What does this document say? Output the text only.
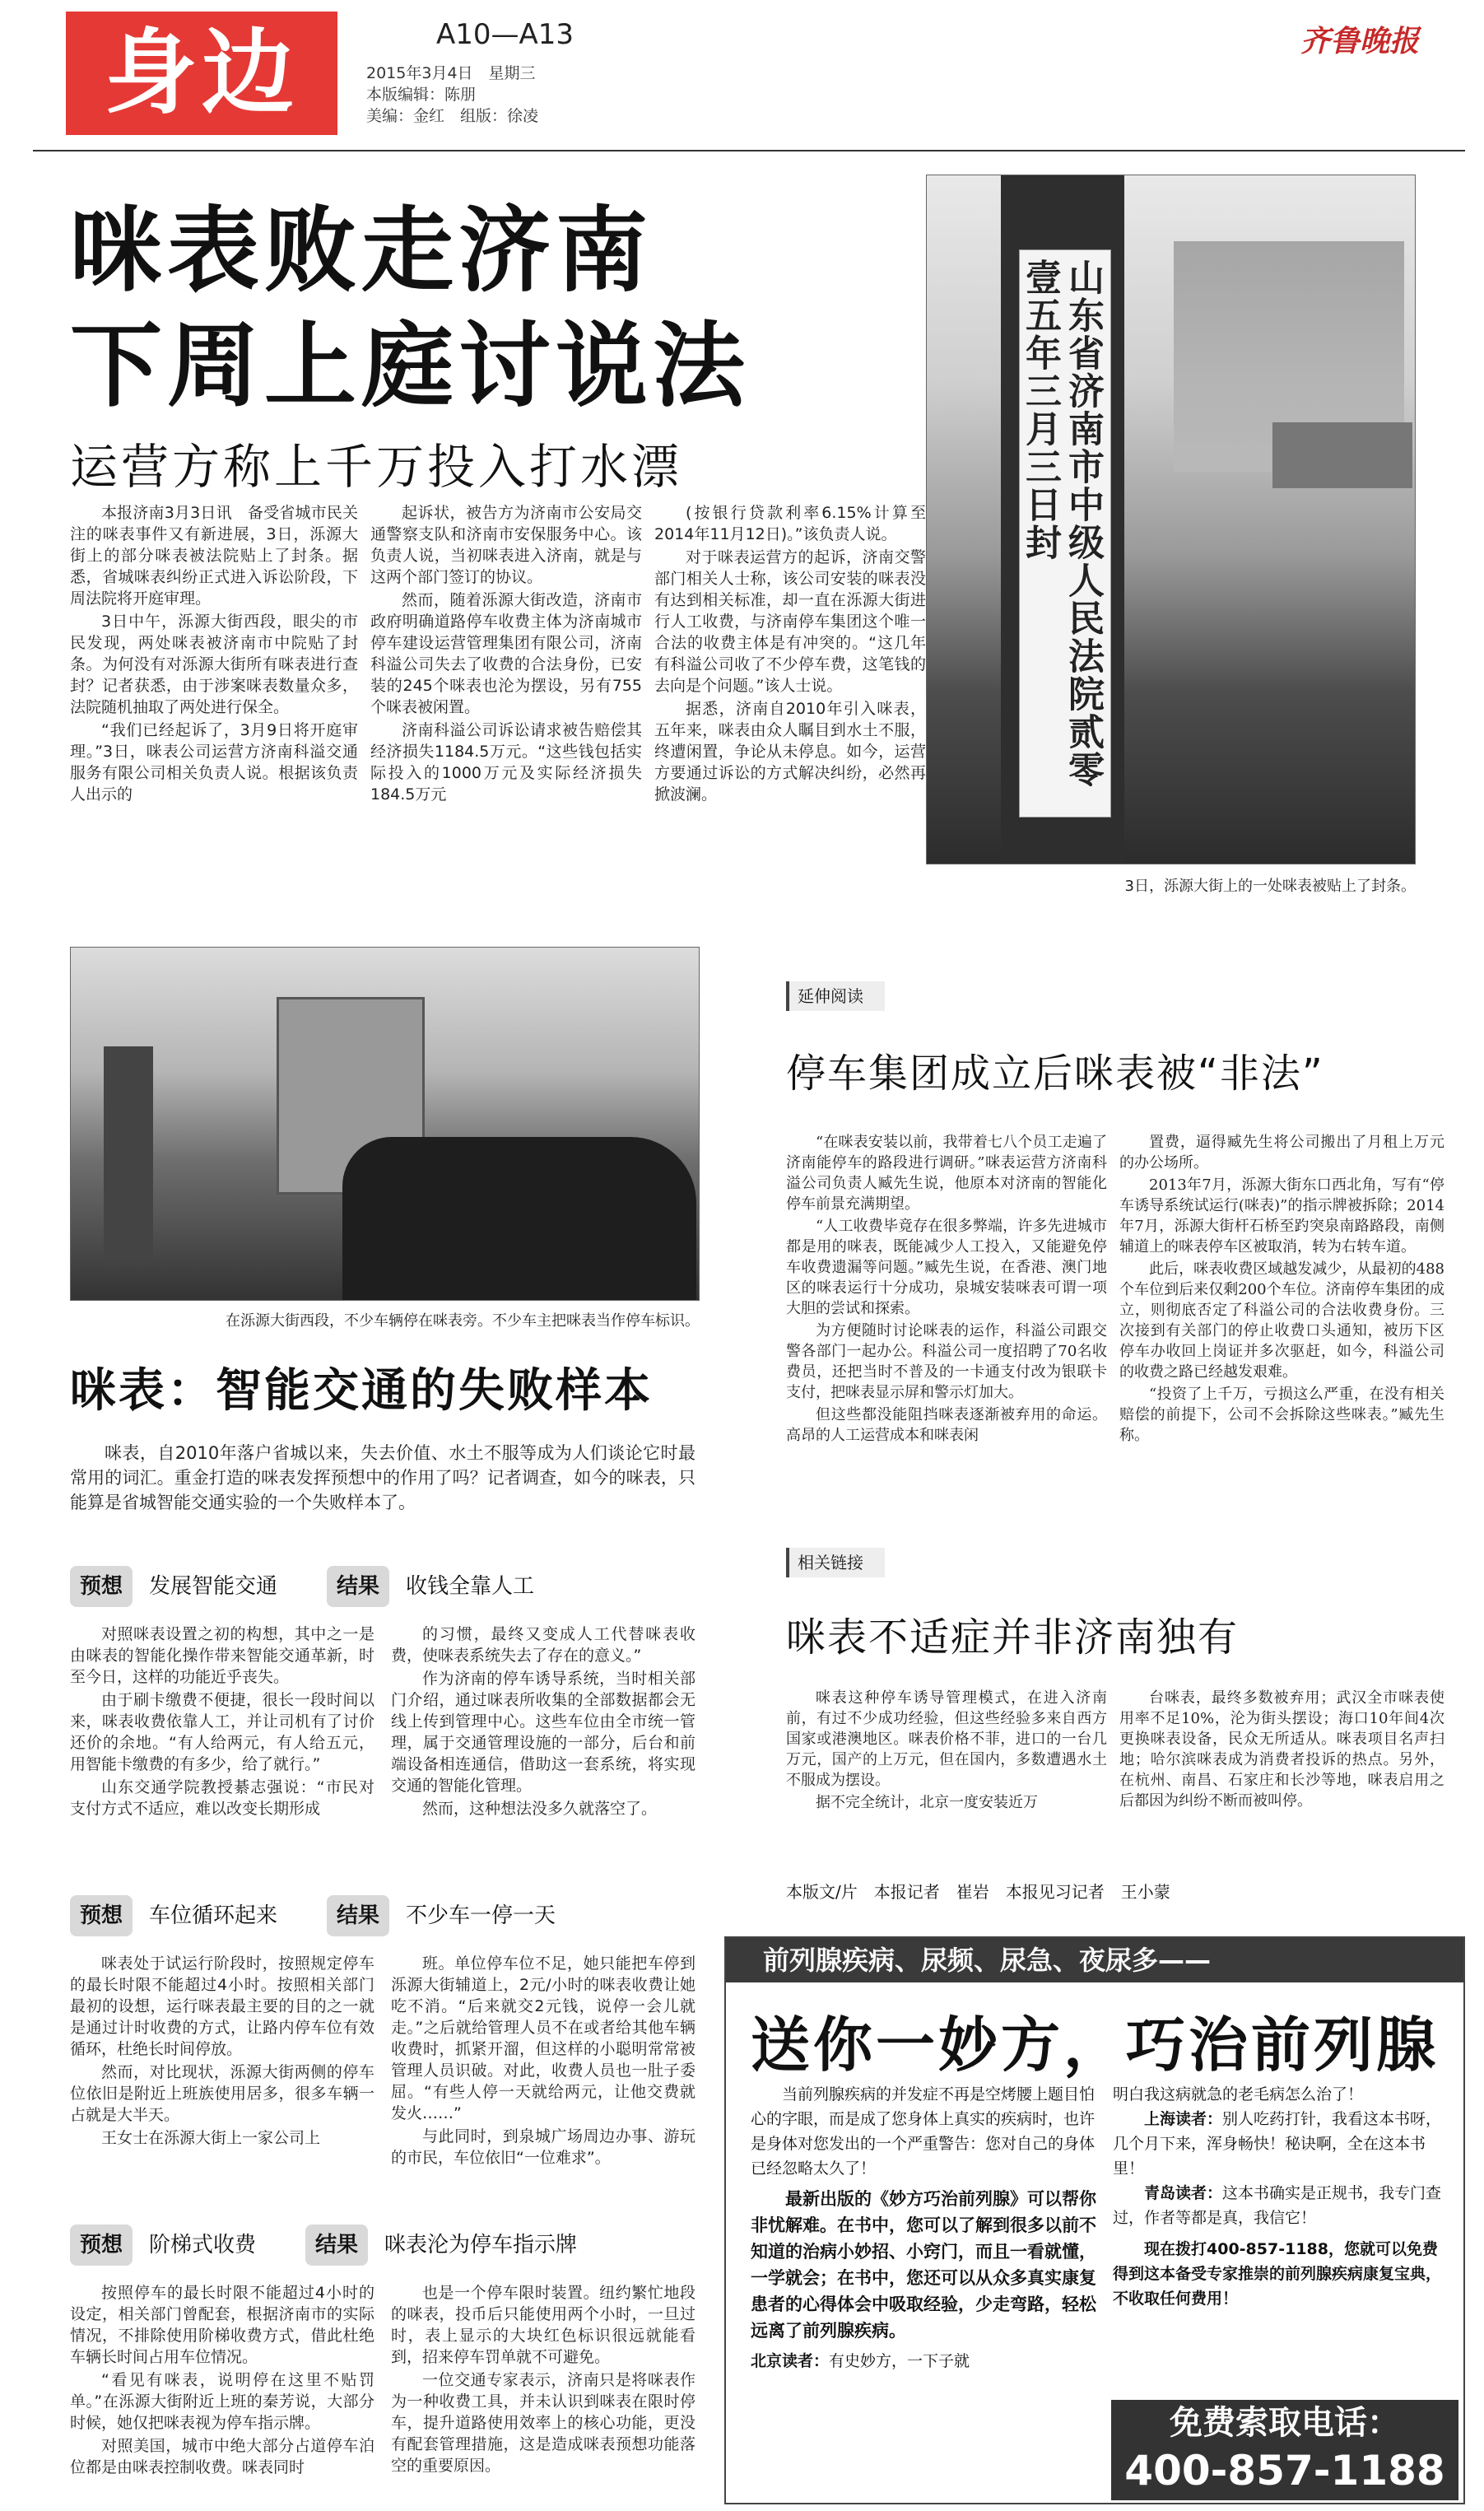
身边	A10—A13
2015年3月4日　星期三
本版编辑：陈朋
美编：金红　组版：徐凌
齐鲁晚报
咪表败走济南
下周上庭讨说法
运营方称上千万投入打水漂

本报济南3月3日讯　备受省城市民关注的咪表事件又有新进展，3日，泺源大街上的部分咪表被法院贴上了封条。据悉，省城咪表纠纷正式进入诉讼阶段，下周法院将开庭审理。

3日中午，泺源大街西段，眼尖的市民发现，两处咪表被济南市中院贴了封条。为何没有对泺源大街所有咪表进行查封？记者获悉，由于涉案咪表数量众多，法院随机抽取了两处进行保全。

“我们已经起诉了，3月9日将开庭审理。”3日，咪表公司运营方济南科溢交通服务有限公司相关负责人说。根据该负责人出示的

起诉状，被告方为济南市公安局交通警察支队和济南市安保服务中心。该负责人说，当初咪表进入济南，就是与这两个部门签订的协议。

然而，随着泺源大街改造，济南市政府明确道路停车收费主体为济南城市停车建设运营管理集团有限公司，济南科溢公司失去了收费的合法身份，已安装的245个咪表也沦为摆设，另有755个咪表被闲置。

济南科溢公司诉讼请求被告赔偿其经济损失1184.5万元。“这些钱包括实际投入的1000万元及实际经济损失184.5万元

(按银行贷款利率6.15%计算至2014年11月12日)。”该负责人说。

对于咪表运营方的起诉，济南交警部门相关人士称，该公司安装的咪表没有达到相关标准，却一直在泺源大街进行人工收费，与济南停车集团这个唯一合法的收费主体是有冲突的。“这几年有科溢公司收了不少停车费，这笔钱的去向是个问题。”该人士说。

据悉，济南自2010年引入咪表，五年来，咪表由众人瞩目到水土不服，终遭闲置，争论从未停息。如今，运营方要通过诉讼的方式解决纠纷，必然再掀波澜。

山东省济南市中级人民法院贰零壹五年三月三日封
3日，泺源大街上的一处咪表被贴上了封条。
在泺源大街西段，不少车辆停在咪表旁。不少车主把咪表当作停车标识。
咪表：智能交通的失败样本

咪表，自2010年落户省城以来，失去价值、水土不服等成为人们谈论它时最常用的词汇。重金打造的咪表发挥预想中的作用了吗？记者调查，如今的咪表，只能算是省城智能交通实验的一个失败样本了。

预想 发展智能交通	结果 收钱全靠人工

对照咪表设置之初的构想，其中之一是由咪表的智能化操作带来智能交通革新，时至今日，这样的功能近乎丧失。

由于刷卡缴费不便捷，很长一段时间以来，咪表收费依靠人工，并让司机有了讨价还价的余地。“有人给两元，有人给五元，用智能卡缴费的有多少，给了就行。”

山东交通学院教授綦志强说：“市民对支付方式不适应，难以改变长期形成

的习惯，最终又变成人工代替咪表收费，使咪表系统失去了存在的意义。”

作为济南的停车诱导系统，当时相关部门介绍，通过咪表所收集的全部数据都会无线上传到管理中心。这些车位由全市统一管理，属于交通管理设施的一部分，后台和前端设备相连通信，借助这一套系统，将实现交通的智能化管理。

然而，这种想法没多久就落空了。

预想 车位循环起来	结果 不少车一停一天

咪表处于试运行阶段时，按照规定停车的最长时限不能超过4小时。按照相关部门最初的设想，运行咪表最主要的目的之一就是通过计时收费的方式，让路内停车位有效循环，杜绝长时间停放。

然而，对比现状，泺源大街两侧的停车位依旧是附近上班族使用居多，很多车辆一占就是大半天。

王女士在泺源大街上一家公司上

班。单位停车位不足，她只能把车停到泺源大街辅道上，2元/小时的咪表收费让她吃不消。“后来就交2元钱，说停一会儿就走。”之后就给管理人员不在或者给其他车辆收费时，抓紧开溜，但这样的小聪明常常被管理人员识破。对此，收费人员也一肚子委屈。“有些人停一天就给两元，让他交费就发火……”

与此同时，到泉城广场周边办事、游玩的市民，车位依旧“一位难求”。

预想 阶梯式收费	结果 咪表沦为停车指示牌

按照停车的最长时限不能超过4小时的设定，相关部门曾配套，根据济南市的实际情况，不排除使用阶梯收费方式，借此杜绝车辆长时间占用车位情况。

“看见有咪表，说明停在这里不贴罚单。”在泺源大街附近上班的秦芳说，大部分时候，她仅把咪表视为停车指示牌。

对照美国，城市中绝大部分占道停车泊位都是由咪表控制收费。咪表同时

也是一个停车限时装置。纽约繁忙地段的咪表，投币后只能使用两个小时，一旦过时，表上显示的大块红色标识很远就能看到，招来停车罚单就不可避免。

一位交通专家表示，济南只是将咪表作为一种收费工具，并未认识到咪表在限时停车，提升道路使用效率上的核心功能，更没有配套管理措施，这是造成咪表预想功能落空的重要原因。

延伸阅读
停车集团成立后咪表被“非法”

“在咪表安装以前，我带着七八个员工走遍了济南能停车的路段进行调研。”咪表运营方济南科溢公司负责人臧先生说，他原本对济南的智能化停车前景充满期望。

“人工收费毕竟存在很多弊端，许多先进城市都是用的咪表，既能减少人工投入，又能避免停车收费遗漏等问题。”臧先生说，在香港、澳门地区的咪表运行十分成功，泉城安装咪表可谓一项大胆的尝试和探索。

为方便随时讨论咪表的运作，科溢公司跟交警各部门一起办公。科溢公司一度招聘了70名收费员，还把当时不普及的一卡通支付改为银联卡支付，把咪表显示屏和警示灯加大。

但这些都没能阻挡咪表逐渐被弃用的命运。高昂的人工运营成本和咪表闲

置费，逼得臧先生将公司搬出了月租上万元的办公场所。

2013年7月，泺源大街东口西北角，写有“停车诱导系统试运行(咪表)”的指示牌被拆除；2014年7月，泺源大街杆石桥至趵突泉南路路段，南侧辅道上的咪表停车区被取消，转为右转车道。

此后，咪表收费区域越发减少，从最初的488个车位到后来仅剩200个车位。济南停车集团的成立，则彻底否定了科溢公司的合法收费身份。三次接到有关部门的停止收费口头通知，被历下区停车办收回上岗证并多次驱赶，如今，科溢公司的收费之路已经越发艰难。

“投资了上千万，亏损这么严重，在没有相关赔偿的前提下，公司不会拆除这些咪表。”臧先生称。

相关链接
咪表不适症并非济南独有

咪表这种停车诱导管理模式，在进入济南前，有过不少成功经验，但这些经验多来自西方国家或港澳地区。咪表价格不菲，进口的一台几万元，国产的上万元，但在国内，多数遭遇水土不服成为摆设。

据不完全统计，北京一度安装近万

台咪表，最终多数被弃用；武汉全市咪表使用率不足10%，沦为街头摆设；海口10年间4次更换咪表设备，民众无所适从。咪表项目名声扫地；哈尔滨咪表成为消费者投诉的热点。另外，在杭州、南昌、石家庄和长沙等地，咪表启用之后都因为纠纷不断而被叫停。

本版文/片　本报记者　崔岩　本报见习记者　王小蒙
前列腺疾病、尿频、尿急、夜尿多——
送你一妙方，巧治前列腺

当前列腺疾病的并发症不再是空烤腰上题目怕心的字眼，而是成了您身体上真实的疾病时，也许是身体对您发出的一个严重警告：您对自己的身体已经忽略太久了！

最新出版的《妙方巧治前列腺》可以帮你非忧解难。在书中，您可以了解到很多以前不知道的治病小妙招、小窍门，而且一看就懂，一学就会；在书中，您还可以从众多真实康复患者的心得体会中吸取经验，少走弯路，轻松远离了前列腺疾病。

北京读者：有史妙方，一下子就

明白我这病就急的老毛病怎么治了！

上海读者：别人吃药打针，我看这本书呀，几个月下来，浑身畅快！秘诀啊，全在这本书里！

青岛读者：这本书确实是正规书，我专门查过，作者等都是真，我信它！

现在拨打400-857-1188，您就可以免费得到这本备受专家推崇的前列腺疾病康复宝典，不收取任何费用！

免费索取电话：
400-857-1188
